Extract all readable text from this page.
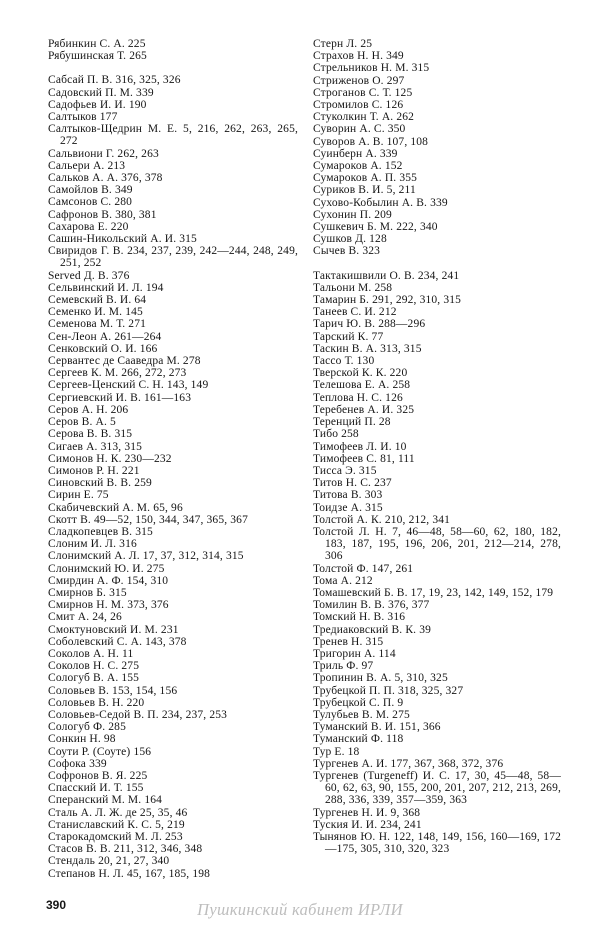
Рябинкин С. А. 225
Рябушинская Т. 265
Сабсай П. В. 316, 325, 326
Садовский П. М. 339
Садофьев И. И. 190
Салтыков 177
Салтыков-Щедрин М. Е. 5, 216, 262, 263, 265, 272
Сальвиони Г. 262, 263
Сальери А. 213
Сальков А. А. 376, 378
Самойлов В. 349
Самсонов С. 280
Сафронов В. 380, 381
Сахарова Е. 220
Сашин-Никольский А. И. 315
Свиридов Г. В. 234, 237, 239, 242—244, 248, 249, 251, 252
Served Д. В. 376
Сельвинский И. Л. 194
Семевский В. И. 64
Семенко И. М. 145
Семенова М. Т. 271
Сен-Леон А. 261—264
Сенковский О. И. 166
Сервантес де Сааведра М. 278
Сергеев К. М. 266, 272, 273
Сергеев-Ценский С. Н. 143, 149
Сергиевский И. В. 161—163
Серов А. Н. 206
Серов В. А. 5
Серова В. В. 315
Сигаев А. 313, 315
Симонов Н. К. 230—232
Симонов Р. Н. 221
Синовский В. В. 259
Сирин Е. 75
Скабичевский А. М. 65, 96
Скотт В. 49—52, 150, 344, 347, 365, 367
Сладкопевцев В. 315
Слоним И. Л. 316
Слонимский А. Л. 17, 37, 312, 314, 315
Слонимский Ю. И. 275
Смирдин А. Ф. 154, 310
Смирнов Б. 315
Смирнов Н. М. 373, 376
Смит А. 24, 26
Смоктуновский И. М. 231
Соболевский С. А. 143, 378
Соколов А. Н. 11
Соколов Н. С. 275
Сологуб В. А. 155
Соловьев В. 153, 154, 156
Соловьев В. Н. 220
Соловьев-Седой В. П. 234, 237, 253
Сологуб Ф. 285
Сонкин Н. 98
Соути Р. (Соуте) 156
Софока 339
Софронов В. Я. 225
Спасский И. Т. 155
Сперанский М. М. 164
Сталь А. Л. Ж. де 25, 35, 46
Станиславский К. С. 5, 219
Старокадомский М. Л. 253
Стасов В. В. 211, 312, 346, 348
Стендаль 20, 21, 27, 340
Степанов Н. Л. 45, 167, 185, 198
Стерн Л. 25
Страхов Н. Н. 349
Стрельников Н. М. 315
Стриженов О. 297
Строганов С. Т. 125
Стромилов С. 126
Стуколкин Т. А. 262
Суворин А. С. 350
Суворов А. В. 107, 108
Суинберн А. 339
Сумароков А. 152
Сумароков А. П. 355
Суриков В. И. 5, 211
Сухово-Кобылин А. В. 339
Сухонин П. 209
Сушкевич Б. М. 222, 340
Сушков Д. 128
Сычев В. 323
Тактакишвили О. В. 234, 241
Тальони М. 258
Тамарин Б. 291, 292, 310, 315
Танеев С. И. 212
Тарич Ю. В. 288—296
Тарский К. 77
Таскин В. А. 313, 315
Тассо Т. 130
Тверской К. К. 220
Телешова Е. А. 258
Теплова Н. С. 126
Теребенев А. И. 325
Теренций П. 28
Тибо 258
Тимофеев Л. И. 10
Тимофеев С. 81, 111
Тисса Э. 315
Титов Н. С. 237
Титова В. 303
Тоидзе А. 315
Толстой А. К. 210, 212, 341
Толстой Л. Н. 7, 46—48, 58—60, 62, 180, 182, 183, 187, 195, 196, 206, 201, 212—214, 278, 306
Толстой Ф. 147, 261
Тома А. 212
Томашевский Б. В. 17, 19, 23, 142, 149, 152, 179
Томилин В. В. 376, 377
Томский Н. В. 316
Тредиаковский В. К. 39
Тренев Н. 315
Тригорин А. 114
Триль Ф. 97
Тропинин В. А. 5, 310, 325
Трубецкой П. П. 318, 325, 327
Трубецкой С. П. 9
Тулубьев В. М. 275
Туманский В. И. 151, 366
Туманский Ф. 118
Тур Е. 18
Тургенев А. И. 177, 367, 368, 372, 376
Тургенев (Turgeneff) И. С. 17, 30, 45—48, 58—60, 62, 63, 90, 155, 200, 201, 207, 212, 213, 269, 288, 336, 339, 357—359, 363
Тургенев Н. И. 9, 368
Туския И. И. 234, 241
Тынянов Ю. Н. 122, 148, 149, 156, 160—169, 172—175, 305, 310, 320, 323
390	Пушкинский кабинет ИРЛИ
